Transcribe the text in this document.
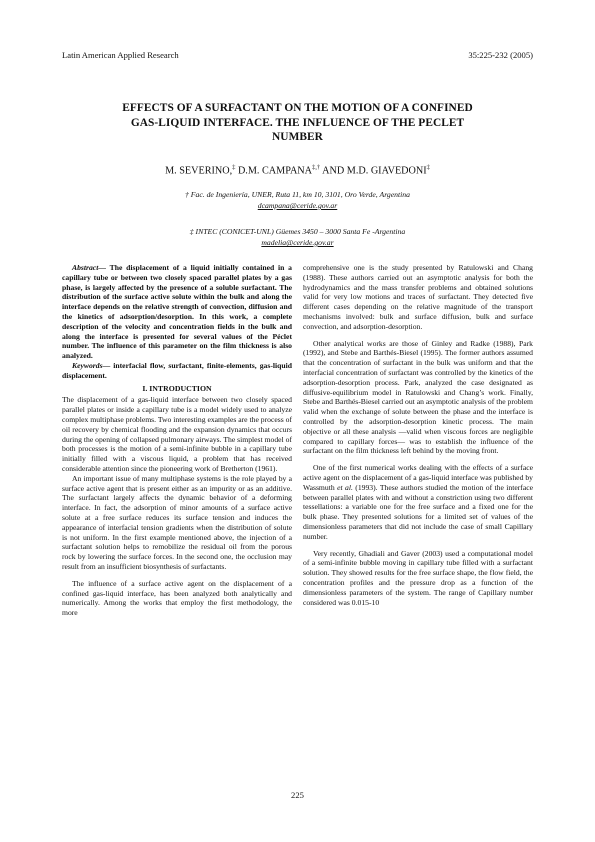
Latin American Applied Research	35:225-232 (2005)
EFFECTS OF A SURFACTANT ON THE MOTION OF A CONFINED
GAS-LIQUID INTERFACE. THE INFLUENCE OF THE PECLET
NUMBER
M. SEVERINO,‡ D.M. CAMPANA‡,† AND M.D. GIAVEDONI‡
† Fac. de Ingeniería, UNER, Ruta 11, km 10, 3101, Oro Verde, Argentina
dcampana@ceride.gov.ar
‡ INTEC (CONICET-UNL) Güemes 3450 – 3000 Santa Fe -Argentina
madelia@ceride.gov.ar

Abstract— The displacement of a liquid initially contained in a capillary tube or between two closely spaced parallel plates by a gas phase, is largely affected by the presence of a soluble surfactant. The distribution of the surface active solute within the bulk and along the interface depends on the relative strength of convection, diffusion and the kinetics of adsorption/desorption. In this work, a complete description of the velocity and concentration fields in the bulk and along the interface is presented for several values of the Péclet number. The influence of this parameter on the film thickness is also analyzed.

Keywords— interfacial flow, surfactant, finite-elements, gas-liquid displacement.

I. INTRODUCTION

The displacement of a gas-liquid interface between two closely spaced parallel plates or inside a capillary tube is a model widely used to analyze complex multiphase problems. Two interesting examples are the process of oil recovery by chemical flooding and the expansion dynamics that occurs during the opening of collapsed pulmonary airways. The simplest model of both processes is the motion of a semi-infinite bubble in a capillary tube initially filled with a viscous liquid, a problem that has received considerable attention since the pioneering work of Bretherton (1961).

An important issue of many multiphase systems is the role played by a surface active agent that is present either as an impurity or as an additive. The surfactant largely affects the dynamic behavior of a deforming interface. In fact, the adsorption of minor amounts of a surface active solute at a free surface reduces its surface tension and induces the appearance of interfacial tension gradients when the distribution of solute is not uniform. In the first example mentioned above, the injection of a surfactant solution helps to remobilize the residual oil from the porous rock by lowering the surface forces. In the second one, the occlusion may result from an insufficient biosynthesis of surfactants.

The influence of a surface active agent on the displacement of a confined gas-liquid interface, has been analyzed both analytically and numerically. Among the works that employ the first methodology, the more

comprehensive one is the study presented by Ratulowski and Chang (1988). These authors carried out an asymptotic analysis for both the hydrodynamics and the mass transfer problems and obtained solutions valid for very low motions and traces of surfactant. They detected five different cases depending on the relative magnitude of the transport mechanisms involved: bulk and surface diffusion, bulk and surface convection, and adsorption-desorption.

Other analytical works are those of Ginley and Radke (1988), Park (1992), and Stebe and Barthés-Biesel (1995). The former authors assumed that the concentration of surfactant in the bulk was uniform and that the interfacial concentration of surfactant was controlled by the kinetics of the adsorption-desorption process. Park, analyzed the case designated as diffusive-equilibrium model in Ratulowski and Chang’s work. Finally, Stebe and Barthés-Biesel carried out an asymptotic analysis of the problem valid when the exchange of solute between the phase and the interface is controlled by the adsorption-desorption kinetic process. The main objective or all these analysis —valid when viscous forces are negligible compared to capillary forces— was to establish the influence of the surfactant on the film thickness left behind by the moving front.

One of the first numerical works dealing with the effects of a surface active agent on the displacement of a gas-liquid interface was published by Wassmuth et al. (1993). These authors studied the motion of the interface between parallel plates with and without a constriction using two different tessellations: a variable one for the free surface and a fixed one for the bulk phase. They presented solutions for a limited set of values of the dimensionless parameters that did not include the case of small Capillary number.

Very recently, Ghadiali and Gaver (2003) used a computational model of a semi-infinite bubble moving in capillary tube filled with a surfactant solution. They showed results for the free surface shape, the flow field, the concentration profiles and the pressure drop as a function of the dimensionless parameters of the system. The range of Capillary number considered was 0.015-10

225
